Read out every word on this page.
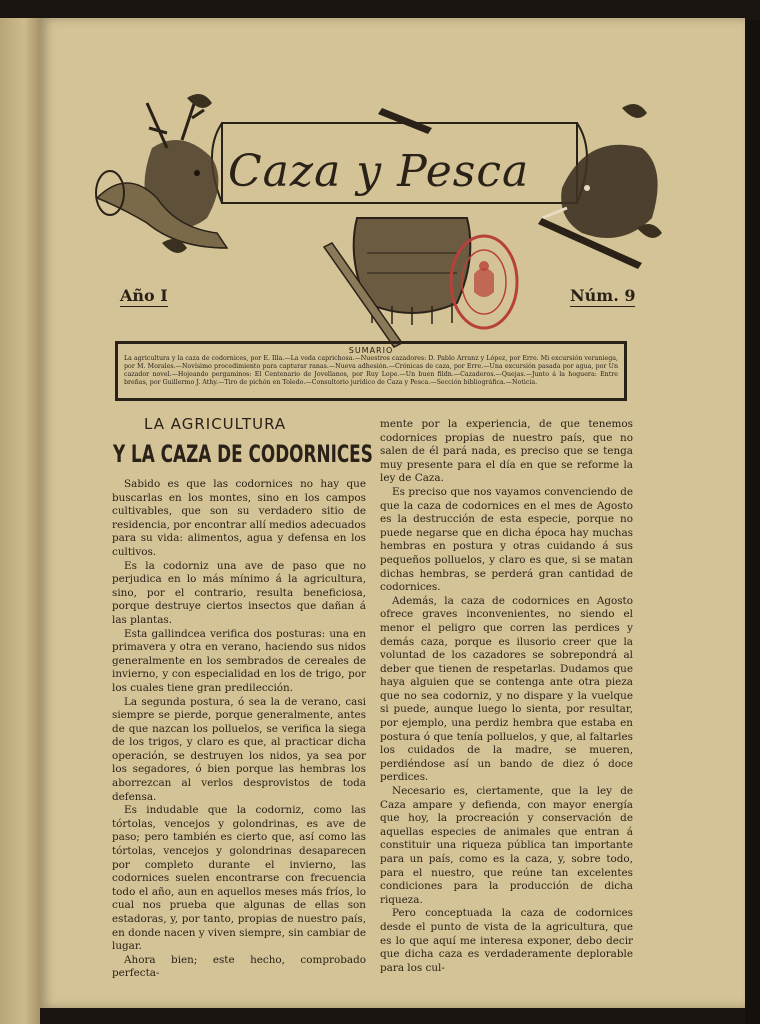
Caza y Pesca
Año I	Núm. 9
SUMARIO
La agricultura y la caza de codornices, por E. Illa.—La veda caprichosa.—Nuestros cazadores: D. Pablo Arranz y López, por Erre. Mi excursión veraniega, por M. Morales.—Novísimo procedimiento para capturar ranas.—Nueva adhesión.—Crónicas de caza, por Erre.—Una excursión pasada por agua, por Un cazador novel.—Hojeando pergaminos: El Centenario de Jovellanos, por Ruy Lope.—Un buen fildn.—Cazaderos.—Quejas.—Junto á la hoguera: Entre breñas, por Guillermo J. Athy.—Tiro de pichón en Toledo.—Consultorio jurídico de Caza y Pesca.—Sección bibliográfica.—Noticia.
LA AGRICULTURA
Y LA CAZA DE CODORNICES

Sabido es que las codornices no hay que buscarlas en los montes, sino en los campos cultivables, que son su verdadero sitio de residencia, por encontrar allí medios adecuados para su vida: alimentos, agua y defensa en los cultivos.

Es la codorniz una ave de paso que no perjudica en lo más mínimo á la agricultura, sino, por el contrario, resulta beneficiosa, porque destruye ciertos insectos que dañan á las plantas.

Esta gallindcea verifica dos posturas: una en primavera y otra en verano, haciendo sus nidos generalmente en los sembrados de cereales de invierno, y con especialidad en los de trigo, por los cuales tiene gran predilección.

La segunda postura, ó sea la de verano, casi siempre se pierde, porque generalmente, antes de que nazcan los polluelos, se verifica la siega de los trigos, y claro es que, al practicar dicha operación, se destruyen los nidos, ya sea por los segadores, ó bien porque las hembras los aborrezcan al verlos desprovistos de toda defensa.

Es indudable que la codorniz, como las tórtolas, vencejos y golondrinas, es ave de paso; pero también es cierto que, así como las tórtolas, vencejos y golondrinas desaparecen por completo durante el invierno, las codornices suelen encontrarse con frecuencia todo el año, aun en aquellos meses más fríos, lo cual nos prueba que algunas de ellas son estadoras, y, por tanto, propias de nuestro país, en donde nacen y viven siempre, sin cambiar de lugar.

Ahora bien; este hecho, comprobado perfecta-

mente por la experiencia, de que tenemos codornices propias de nuestro país, que no salen de él pará nada, es preciso que se tenga muy presente para el día en que se reforme la ley de Caza.

Es preciso que nos vayamos convenciendo de que la caza de codornices en el mes de Agosto es la destrucción de esta especie, porque no puede negarse que en dicha época hay muchas hembras en postura y otras cuidando á sus pequeños polluelos, y claro es que, si se matan dichas hembras, se perderá gran cantidad de codornices.

Además, la caza de codornices en Agosto ofrece graves inconvenientes, no siendo el menor el peligro que corren las perdices y demás caza, porque es ilusorio creer que la voluntad de los cazadores se sobrepondrá al deber que tienen de respetarlas. Dudamos que haya alguien que se contenga ante otra pieza que no sea codorniz, y no dispare y la vuelque si puede, aunque luego lo sienta, por resultar, por ejemplo, una perdiz hembra que estaba en postura ó que tenía polluelos, y que, al faltarles los cuidados de la madre, se mueren, perdiéndose así un bando de diez ó doce perdices.

Necesario es, ciertamente, que la ley de Caza ampare y defienda, con mayor energía que hoy, la procreación y conservación de aquellas especies de animales que entran á constituir una riqueza pública tan importante para un país, como es la caza, y, sobre todo, para el nuestro, que reúne tan excelentes condiciones para la producción de dicha riqueza.

Pero conceptuada la caza de codornices desde el punto de vista de la agricultura, que es lo que aquí me interesa exponer, debo decir que dicha caza es verdaderamente deplorable para los cul-
